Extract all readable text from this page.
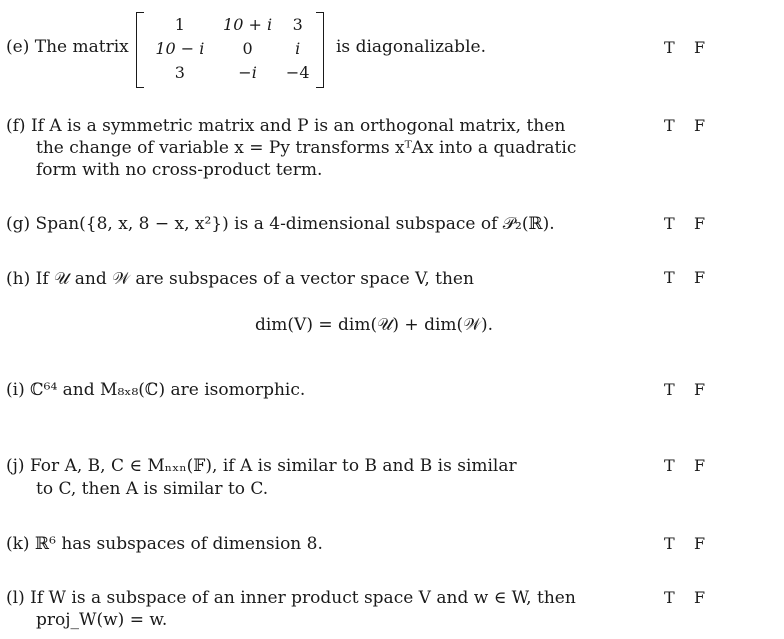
(e) The matrix
1	10 + i	3
10 − i	0	i
3	−i	−4
is diagonalizable.	T F
(f) If A is a symmetric matrix and P is an orthogonal matrix, then
the change of variable x = Py transforms xᵀAx into a quadratic
form with no cross-product term.
T F
(g) Span({8, x, 8 − x, x²}) is a 4-dimensional subspace of 𝒫₂(ℝ).	T F
(h) If 𝒰 and 𝒲 are subspaces of a vector space V, then	T F
dim(V) = dim(𝒰) + dim(𝒲).
(i) ℂ⁶⁴ and M₈ₓ₈(ℂ) are isomorphic.	T F
(j) For A, B, C ∈ Mₙₓₙ(𝔽), if A is similar to B and B is similar
to C, then A is similar to C.
T F
(k) ℝ⁶ has subspaces of dimension 8.	T F
(l) If W is a subspace of an inner product space V and w ∈ W, then
proj_W(w) = w.
T F
